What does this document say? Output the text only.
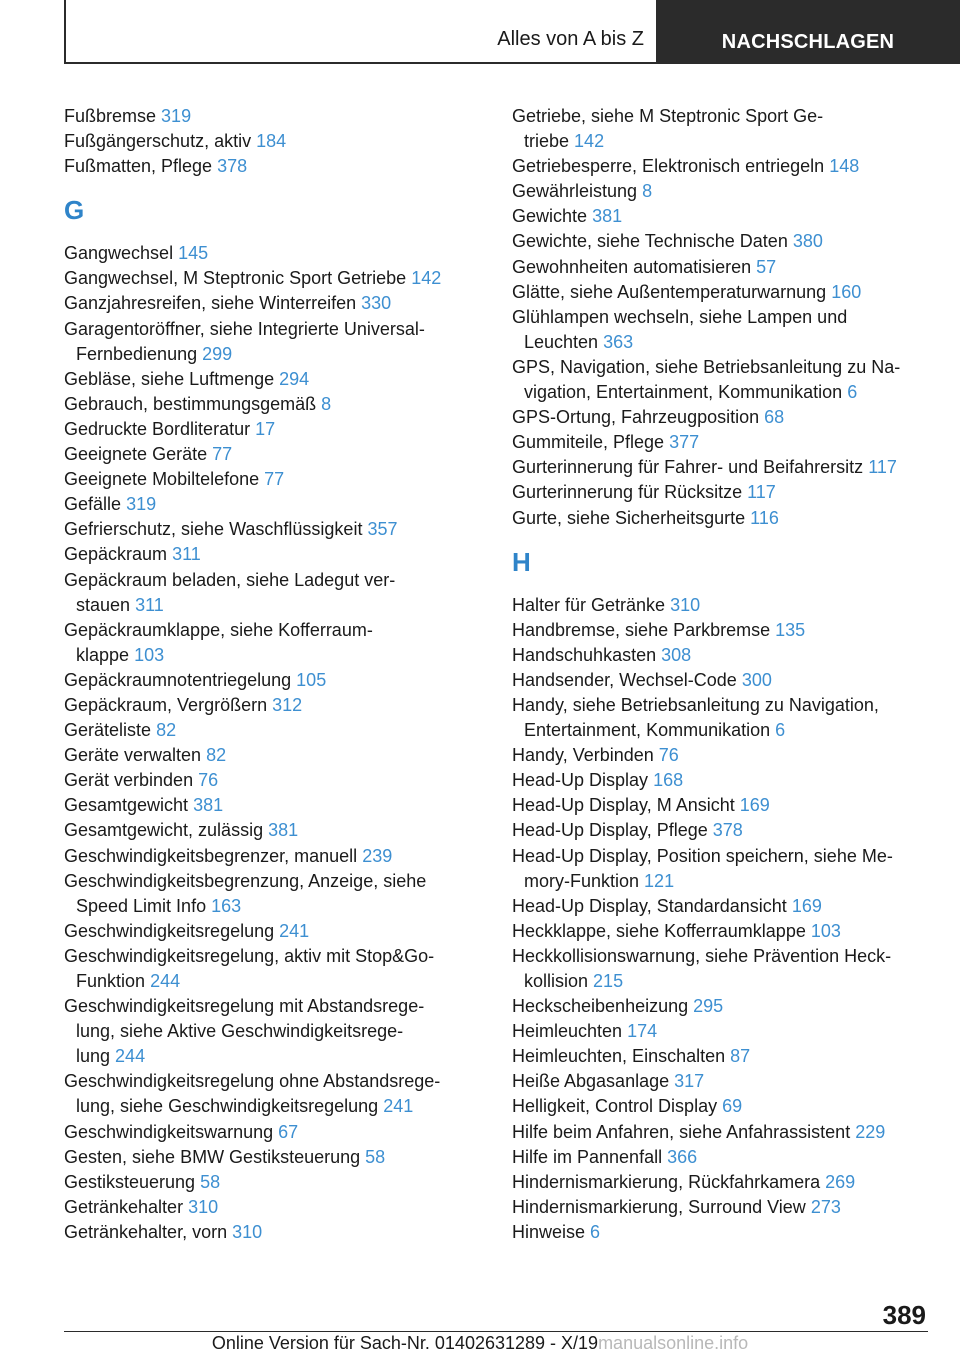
Alles von A bis Z	NACHSCHLAGEN

Fußbremse 319

Fußgängerschutz, aktiv 184

Fußmatten, Pflege 378

G

Gangwechsel 145

Gangwechsel, M Steptronic Sport Getriebe 142

Ganzjahresreifen, siehe Winterreifen 330

Garagentoröffner, siehe Integrierte Universal-
Fernbedienung 299

Gebläse, siehe Luftmenge 294

Gebrauch, bestimmungsgemäß 8

Gedruckte Bordliteratur 17

Geeignete Geräte 77

Geeignete Mobiltelefone 77

Gefälle 319

Gefrierschutz, siehe Waschflüssigkeit 357

Gepäckraum 311

Gepäckraum beladen, siehe Ladegut ver-
stauen 311

Gepäckraumklappe, siehe Kofferraum-
klappe 103

Gepäckraumnotentriegelung 105

Gepäckraum, Vergrößern 312

Geräteliste 82

Geräte verwalten 82

Gerät verbinden 76

Gesamtgewicht 381

Gesamtgewicht, zulässig 381

Geschwindigkeitsbegrenzer, manuell 239

Geschwindigkeitsbegrenzung, Anzeige, siehe
Speed Limit Info 163

Geschwindigkeitsregelung 241

Geschwindigkeitsregelung, aktiv mit Stop&Go-
Funktion 244

Geschwindigkeitsregelung mit Abstandsrege-
lung, siehe Aktive Geschwindigkeitsrege-
lung 244

Geschwindigkeitsregelung ohne Abstandsrege-
lung, siehe Geschwindigkeitsregelung 241

Geschwindigkeitswarnung 67

Gesten, siehe BMW Gestiksteuerung 58

Gestiksteuerung 58

Getränkehalter 310

Getränkehalter, vorn 310

Getriebe, siehe M Steptronic Sport Ge-
triebe 142

Getriebesperre, Elektronisch entriegeln 148

Gewährleistung 8

Gewichte 381

Gewichte, siehe Technische Daten 380

Gewohnheiten automatisieren 57

Glätte, siehe Außentemperaturwarnung 160

Glühlampen wechseln, siehe Lampen und
Leuchten 363

GPS, Navigation, siehe Betriebsanleitung zu Na-
vigation, Entertainment, Kommunikation 6

GPS-Ortung, Fahrzeugposition 68

Gummiteile, Pflege 377

Gurterinnerung für Fahrer- und Beifahrersitz 117

Gurterinnerung für Rücksitze 117

Gurte, siehe Sicherheitsgurte 116

H

Halter für Getränke 310

Handbremse, siehe Parkbremse 135

Handschuhkasten 308

Handsender, Wechsel-Code 300

Handy, siehe Betriebsanleitung zu Navigation,
Entertainment, Kommunikation 6

Handy, Verbinden 76

Head-Up Display 168

Head-Up Display, M Ansicht 169

Head-Up Display, Pflege 378

Head-Up Display, Position speichern, siehe Me-
mory-Funktion 121

Head-Up Display, Standardansicht 169

Heckklappe, siehe Kofferraumklappe 103

Heckkollisionswarnung, siehe Prävention Heck-
kollision 215

Heckscheibenheizung 295

Heimleuchten 174

Heimleuchten, Einschalten 87

Heiße Abgasanlage 317

Helligkeit, Control Display 69

Hilfe beim Anfahren, siehe Anfahrassistent 229

Hilfe im Pannenfall 366

Hindernismarkierung, Rückfahrkamera 269

Hindernismarkierung, Surround View 273

Hinweise 6

389
Online Version für Sach-Nr. 01402631289 - X/19manualsonline.info
